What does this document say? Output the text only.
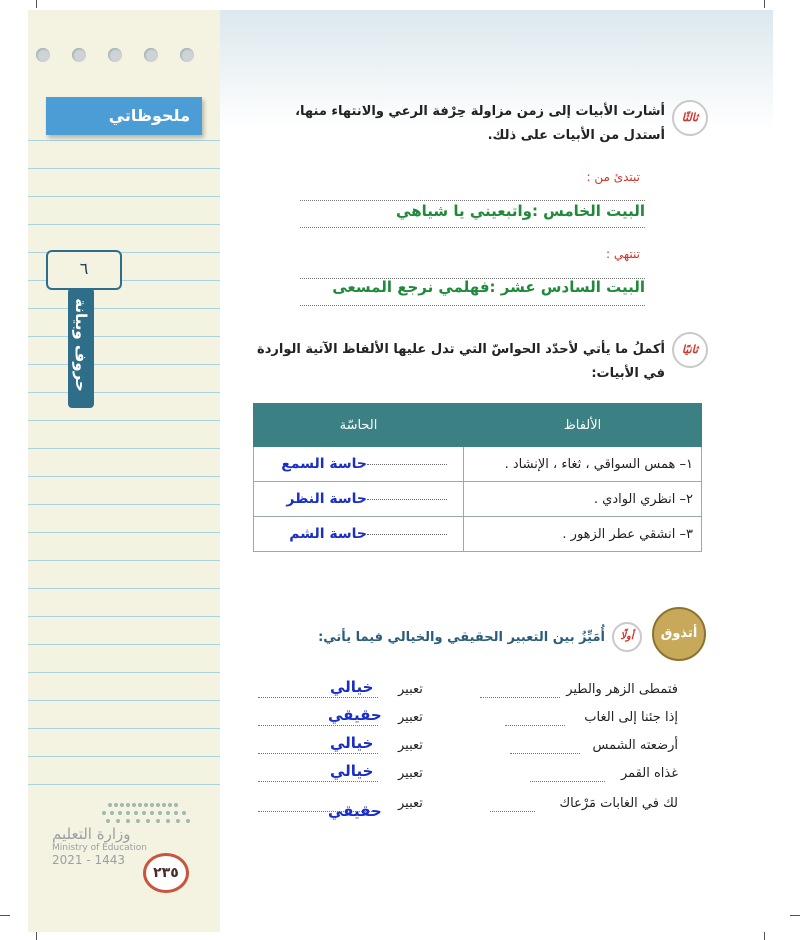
ملحوظاتي
٦
حروف وبيانة
وزارة التعليم
Ministry of Education
2021 - 1443
٢٣٥
ثالثًا
أشارت الأبيات إلى زمن مزاولة حِرْفة الرعي والانتهاء منها، أستدل من الأبيات على ذلك.
تبتدئ من :
البيت الخامس :واتبعيني يا شياهي
تنتهي :
البيت السادس عشر :فهلمي نرجع المسعى
ثانيًا
أكملُ ما يأتي لأحدّد الحواسّ التي تدل عليها الألفاظ الآتية الواردة في الأبيات:
الألفاظ	الحاسّة
١– همس السواقي ، ثغاء ، الإنشاد .	حاسة السمع
٢– انظري الوادي .	حاسة النظر
٣– انشقي عطر الزهور .	حاسة الشم
أتذوق
أولًا
أُمَيِّزُ بين التعبير الحقيقي والخيالي فيما يأتي:
فتمطى الزهر والطير
تعبير
خيالي
إذا جئنا إلى الغاب
تعبير
حقيقي
أرضعته الشمس
تعبير
خيالي
غذاه القمر
تعبير
خيالي
لك في الغابات مَرْعاك
تعبير
حقيقي
